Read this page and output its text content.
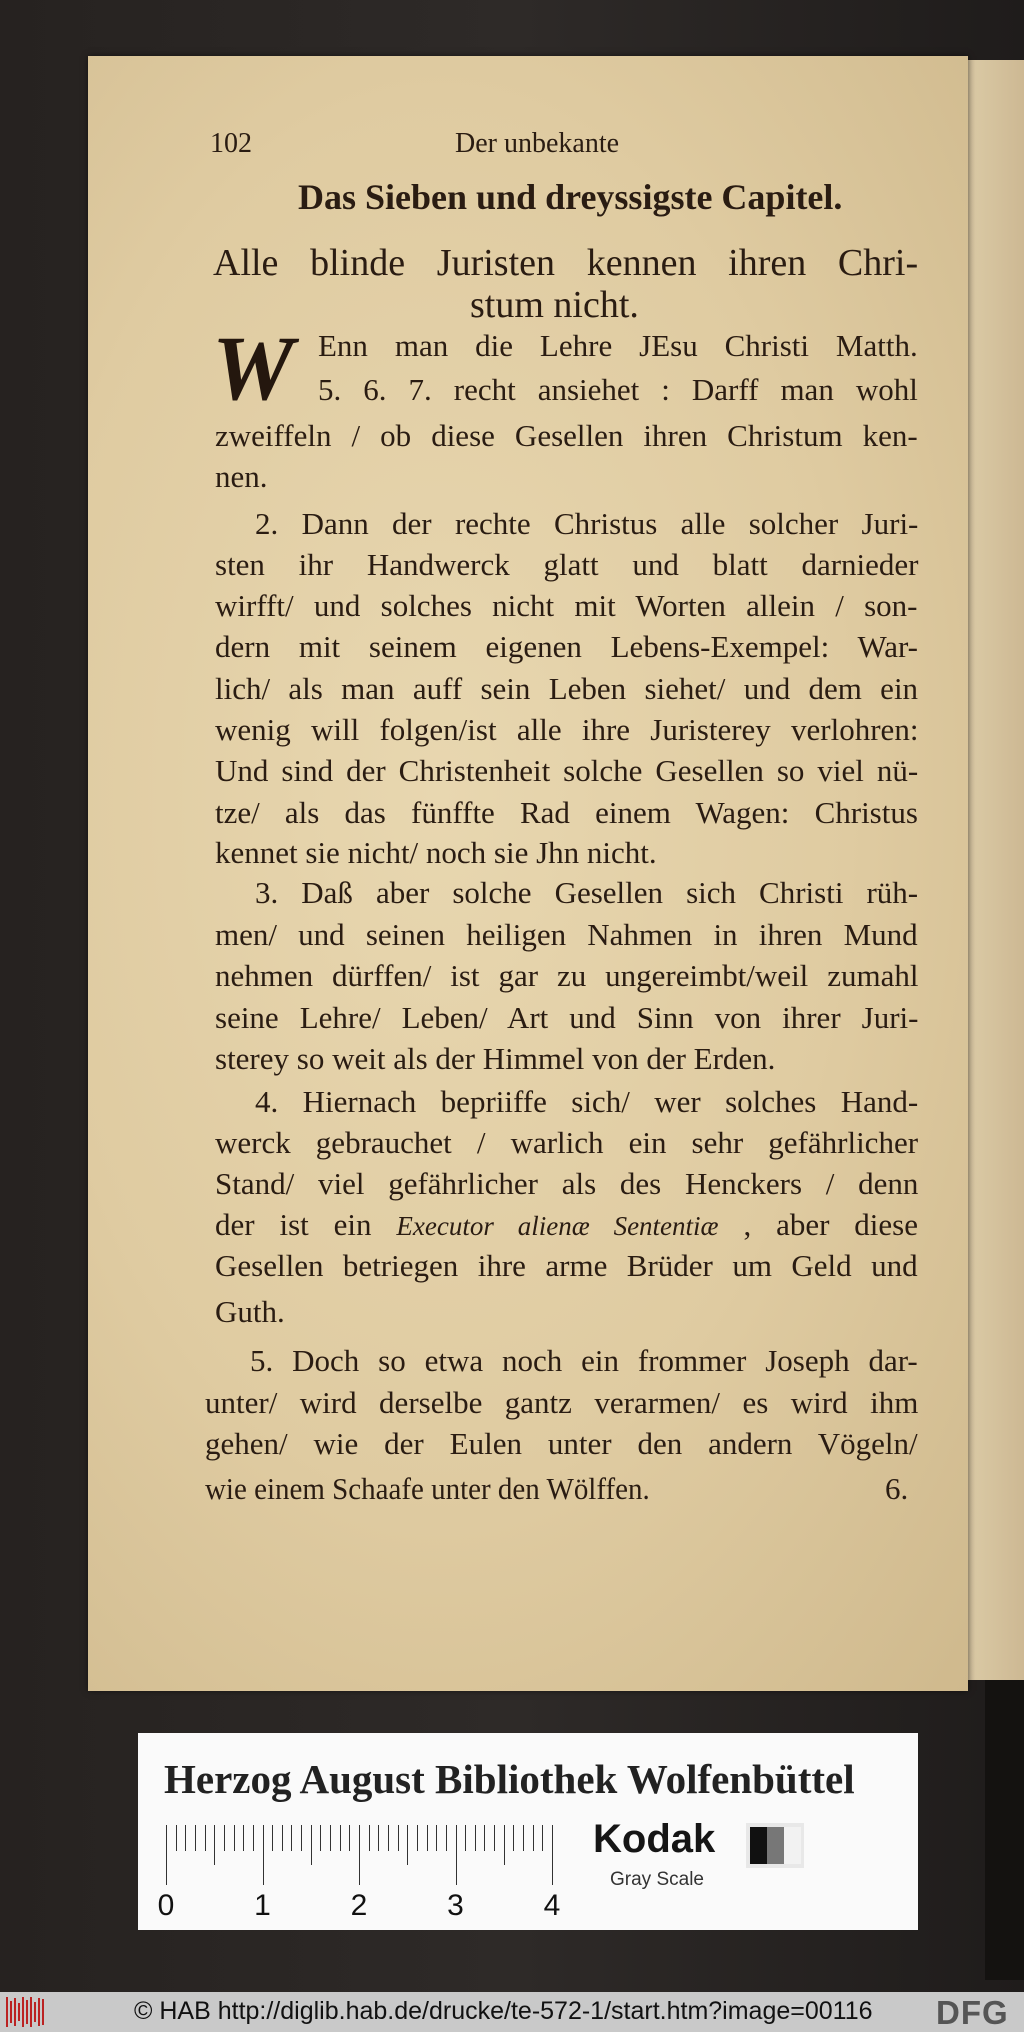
102	Der unbekante
Das Sieben und dreyssigste Capitel.
Alle blinde Juristen kennen ihren Chri-
stum nicht.
W Enn man die Lehre JEsu Christi Matth.
5. 6. 7. recht ansiehet : Darff man wohl
zweiffeln / ob diese Gesellen ihren Christum ken-
nen.
2. Dann der rechte Christus alle solcher Juri-
sten ihr Handwerck glatt und blatt darnieder
wirfft/ und solches nicht mit Worten allein / son-
dern mit seinem eigenen Lebens-Exempel: War-
lich/ als man auff sein Leben siehet/ und dem ein
wenig will folgen/ist alle ihre Juristerey verlohren:
Und sind der Christenheit solche Gesellen so viel nü-
tze/ als das fünffte Rad einem Wagen: Christus
kennet sie nicht/ noch sie Jhn nicht.
3. Daß aber solche Gesellen sich Christi rüh-
men/ und seinen heiligen Nahmen in ihren Mund
nehmen dürffen/ ist gar zu ungereimbt/weil zumahl
seine Lehre/ Leben/ Art und Sinn von ihrer Juri-
sterey so weit als der Himmel von der Erden.
4. Hiernach bepriiffe sich/ wer solches Hand-
werck gebrauchet / warlich ein sehr gefährlicher
Stand/ viel gefährlicher als des Henckers / denn
der ist ein Executor alienæ Sententiæ , aber diese
Gesellen betriegen ihre arme Brüder um Geld und
Guth.
5. Doch so etwa noch ein frommer Joseph dar-
unter/ wird derselbe gantz verarmen/ es wird ihm
gehen/ wie der Eulen unter den andern Vögeln/
wie einem Schaafe unter den Wölffen.	6.
Herzog August Bibliothek Wolfenbüttel
0	1	2	3	4
Kodak
Gray Scale
© HAB http://diglib.hab.de/drucke/te-572-1/start.htm?image=00116 DFG
